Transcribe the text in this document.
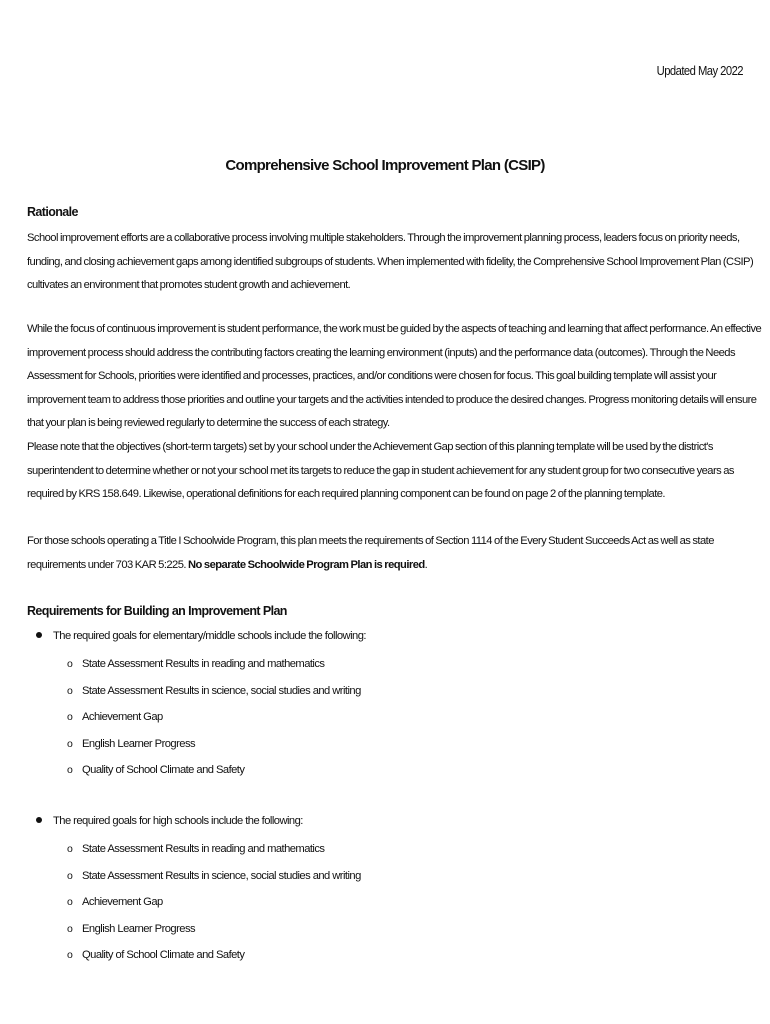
Updated May 2022
Comprehensive School Improvement Plan (CSIP)
Rationale
School improvement efforts are a collaborative process involving multiple stakeholders. Through the improvement planning process, leaders focus on priority needs, funding, and closing achievement gaps among identified subgroups of students. When implemented with fidelity, the Comprehensive School Improvement Plan (CSIP) cultivates an environment that promotes student growth and achievement.
While the focus of continuous improvement is student performance, the work must be guided by the aspects of teaching and learning that affect performance. An effective improvement process should address the contributing factors creating the learning environment (inputs) and the performance data (outcomes). Through the Needs Assessment for Schools, priorities were identified and processes, practices, and/or conditions were chosen for focus. This goal building template will assist your improvement team to address those priorities and outline your targets and the activities intended to produce the desired changes. Progress monitoring details will ensure that your plan is being reviewed regularly to determine the success of each strategy.
Please note that the objectives (short-term targets) set by your school under the Achievement Gap section of this planning template will be used by the district's superintendent to determine whether or not your school met its targets to reduce the gap in student achievement for any student group for two consecutive years as required by KRS 158.649. Likewise, operational definitions for each required planning component can be found on page 2 of the planning template.
For those schools operating a Title I Schoolwide Program, this plan meets the requirements of Section 1114 of the Every Student Succeeds Act as well as state requirements under 703 KAR 5:225. No separate Schoolwide Program Plan is required.
Requirements for Building an Improvement Plan
The required goals for elementary/middle schools include the following:
o State Assessment Results in reading and mathematics
o State Assessment Results in science, social studies and writing
o Achievement Gap
o English Learner Progress
o Quality of School Climate and Safety
The required goals for high schools include the following:
o State Assessment Results in reading and mathematics
o State Assessment Results in science, social studies and writing
o Achievement Gap
o English Learner Progress
o Quality of School Climate and Safety
